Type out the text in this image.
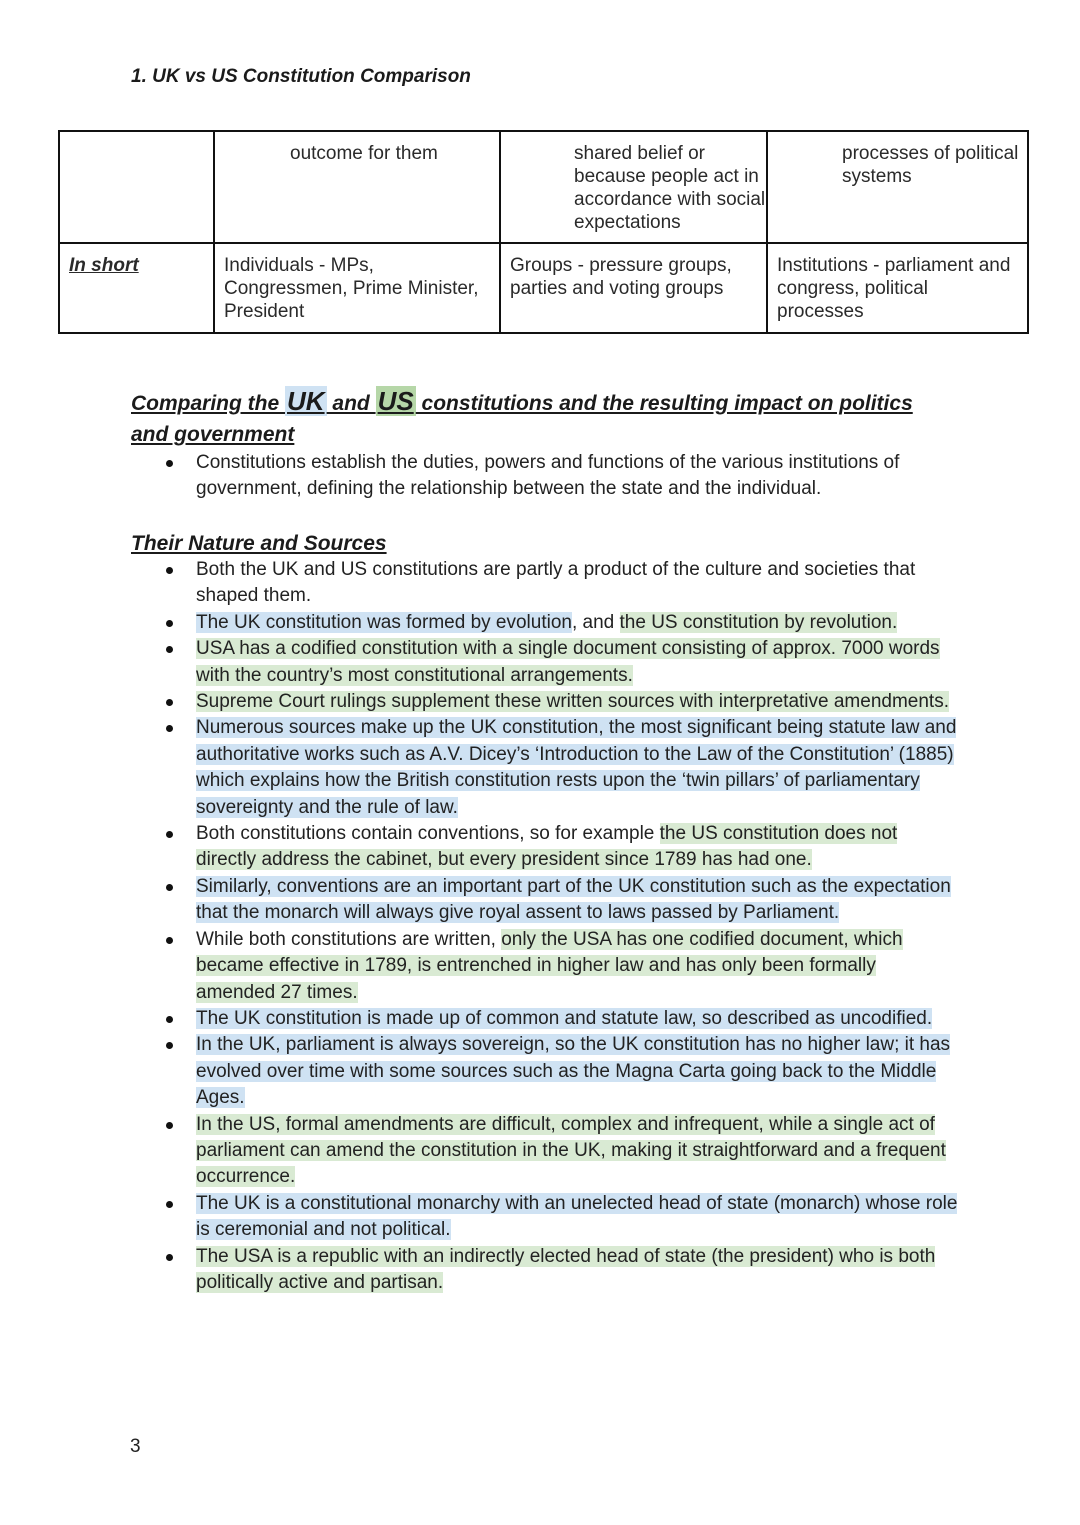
1. UK vs US Constitution Comparison

	outcome for them	shared belief or because people act in accordance with social expectations	processes of political systems

In short	Individuals - MPs, Congressmen, Prime Minister, President	Groups - pressure groups, parties and voting groups	Institutions - parliament and congress, political processes
Comparing the UK and US constitutions and the resulting impact on politics and government
Constitutions establish the duties, powers and functions of the various institutions of government, defining the relationship between the state and the individual.
Their Nature and Sources
Both the UK and US constitutions are partly a product of the culture and societies that shaped them.
The UK constitution was formed by evolution, and the US constitution by revolution.
USA has a codified constitution with a single document consisting of approx. 7000 words with the country’s most constitutional arrangements.
Supreme Court rulings supplement these written sources with interpretative amendments.
Numerous sources make up the UK constitution, the most significant being statute law and authoritative works such as A.V. Dicey’s ‘Introduction to the Law of the Constitution’ (1885) which explains how the British constitution rests upon the ‘twin pillars’ of parliamentary sovereignty and the rule of law.
Both constitutions contain conventions, so for example the US constitution does not directly address the cabinet, but every president since 1789 has had one.
Similarly, conventions are an important part of the UK constitution such as the expectation that the monarch will always give royal assent to laws passed by Parliament.
While both constitutions are written, only the USA has one codified document, which became effective in 1789, is entrenched in higher law and has only been formally amended 27 times.
The UK constitution is made up of common and statute law, so described as uncodified.
In the UK, parliament is always sovereign, so the UK constitution has no higher law; it has evolved over time with some sources such as the Magna Carta going back to the Middle Ages.
In the US, formal amendments are difficult, complex and infrequent, while a single act of parliament can amend the constitution in the UK, making it straightforward and a frequent occurrence.
The UK is a constitutional monarchy with an unelected head of state (monarch) whose role is ceremonial and not political.
The USA is a republic with an indirectly elected head of state (the president) who is both politically active and partisan.
3
